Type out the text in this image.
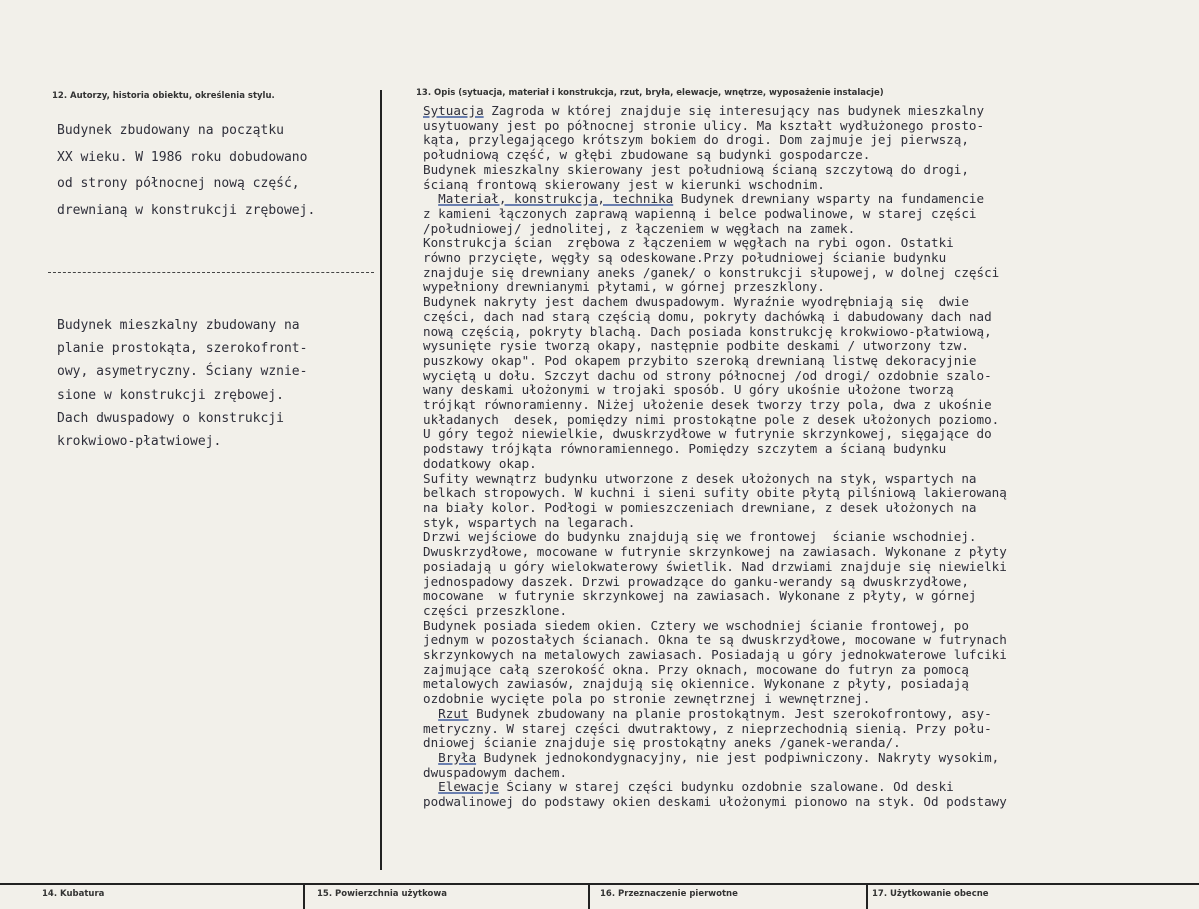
12. Autorzy, historia obiektu, określenia stylu.	13. Opis (sytuacja, materiał i konstrukcja, rzut, bryła, elewacje, wnętrze, wyposażenie instalacje)
Budynek zbudowany na początku
XX wieku. W 1986 roku dobudowano
od strony północnej nową część,
drewnianą w konstrukcji zrębowej.
Budynek mieszkalny zbudowany na
planie prostokąta, szerokofront-
owy, asymetryczny. Ściany wznie-
sione w konstrukcji zrębowej.
Dach dwuspadowy o konstrukcji
krokwiowo-płatwiowej.
Sytuacja Zagroda w której znajduje się interesujący nas budynek mieszkalny
usytuowany jest po północnej stronie ulicy. Ma kształt wydłużonego prosto-
kąta, przylegającego krótszym bokiem do drogi. Dom zajmuje jej pierwszą,
południową część, w głębi zbudowane są budynki gospodarcze.
Budynek mieszkalny skierowany jest południową ścianą szczytową do drogi,
ścianą frontową skierowany jest w kierunki wschodnim.
Materiał, konstrukcja, technika Budynek drewniany wsparty na fundamencie
z kamieni łączonych zaprawą wapienną i belce podwalinowe, w starej części
/południowej/ jednolitej, z łączeniem w węgłach na zamek.
Konstrukcja ścian  zrębowa z łączeniem w węgłach na rybi ogon. Ostatki
równo przycięte, węgły są odeskowane.Przy południowej ścianie budynku
znajduje się drewniany aneks /ganek/ o konstrukcji słupowej, w dolnej części
wypełniony drewnianymi płytami, w górnej przeszklony.
Budynek nakryty jest dachem dwuspadowym. Wyraźnie wyodrębniają się  dwie
części, dach nad starą częścią domu, pokryty dachówką i dabudowany dach nad
nową częścią, pokryty blachą. Dach posiada konstrukcję krokwiowo-płatwiową,
wysunięte rysie tworzą okapy, następnie podbite deskami / utworzony tzw.
puszkowy okap". Pod okapem przybito szeroką drewnianą listwę dekoracyjnie
wyciętą u dołu. Szczyt dachu od strony północnej /od drogi/ ozdobnie szalo-
wany deskami ułożonymi w trojaki sposób. U góry ukośnie ułożone tworzą
trójkąt równoramienny. Niżej ułożenie desek tworzy trzy pola, dwa z ukośnie
układanych  desek, pomiędzy nimi prostokątne pole z desek ułożonych poziomo.
U góry tegoż niewielkie, dwuskrzydłowe w futrynie skrzynkowej, sięgające do
podstawy trójkąta równoramiennego. Pomiędzy szczytem a ścianą budynku
dodatkowy okap.
Sufity wewnątrz budynku utworzone z desek ułożonych na styk, wspartych na
belkach stropowych. W kuchni i sieni sufity obite płytą pilśniową lakierowaną
na biały kolor. Podłogi w pomieszczeniach drewniane, z desek ułożonych na
styk, wspartych na legarach.
Drzwi wejściowe do budynku znajdują się we frontowej  ścianie wschodniej.
Dwuskrzydłowe, mocowane w futrynie skrzynkowej na zawiasach. Wykonane z płyty
posiadają u góry wielokwaterowy świetlik. Nad drzwiami znajduje się niewielki
jednospadowy daszek. Drzwi prowadzące do ganku-werandy są dwuskrzydłowe,
mocowane  w futrynie skrzynkowej na zawiasach. Wykonane z płyty, w górnej
części przeszklone.
Budynek posiada siedem okien. Cztery we wschodniej ścianie frontowej, po
jednym w pozostałych ścianach. Okna te są dwuskrzydłowe, mocowane w futrynach
skrzynkowych na metalowych zawiasach. Posiadają u góry jednokwaterowe lufciki
zajmujące całą szerokość okna. Przy oknach, mocowane do futryn za pomocą
metalowych zawiasów, znajdują się okiennice. Wykonane z płyty, posiadają
ozdobnie wycięte pola po stronie zewnętrznej i wewnętrznej.
Rzut Budynek zbudowany na planie prostokątnym. Jest szerokofrontowy, asy-
metryczny. W starej części dwutraktowy, z nieprzechodnią sienią. Przy połu-
dniowej ścianie znajduje się prostokątny aneks /ganek-weranda/.
Bryła Budynek jednokondygnacyjny, nie jest podpiwniczony. Nakryty wysokim,
dwuspadowym dachem.
Elewacje Ściany w starej części budynku ozdobnie szalowane. Od deski
podwalinowej do podstawy okien deskami ułożonymi pionowo na styk. Od podstawy
14. Kubatura	15. Powierzchnia użytkowa	16. Przeznaczenie pierwotne	17. Użytkowanie obecne
